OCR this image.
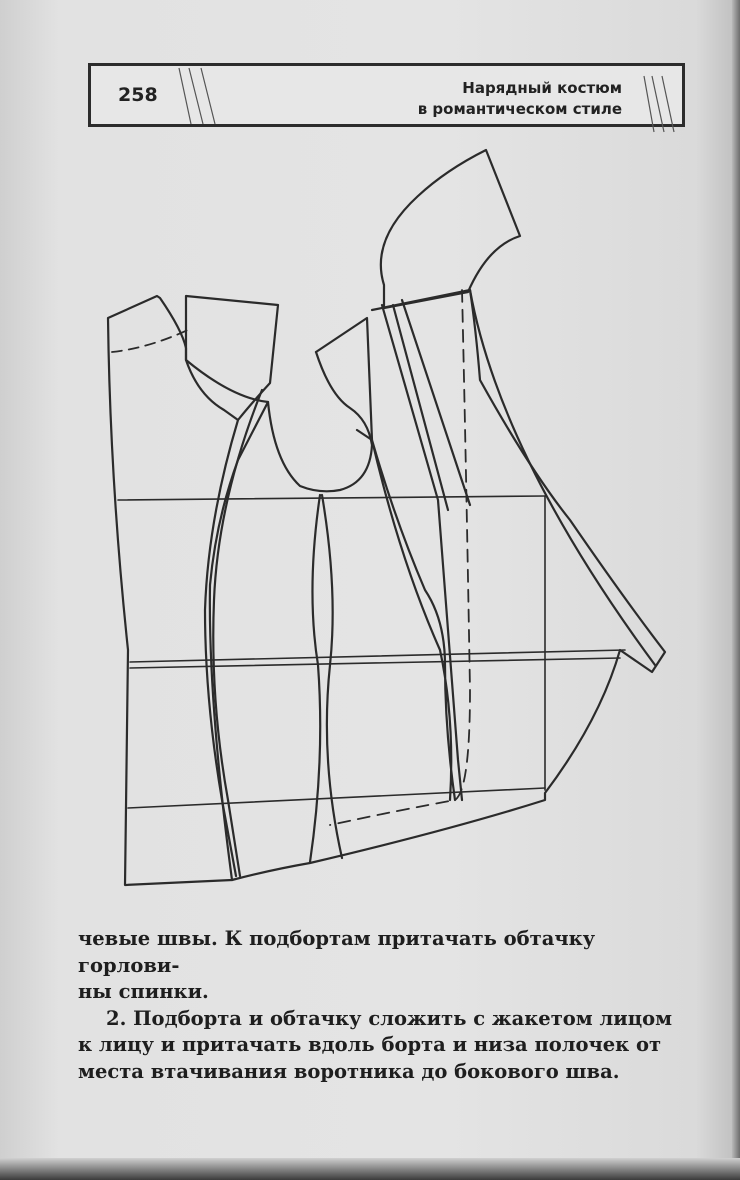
258	Нарядный костюм
в романтическом стиле

чевые швы. К подбортам притачать обтачку горлови-

ны спинки.

2. Подборта и обтачку сложить с жакетом лицом

к лицу и притачать вдоль борта и низа полочек от

места втачивания воротника до бокового шва.
